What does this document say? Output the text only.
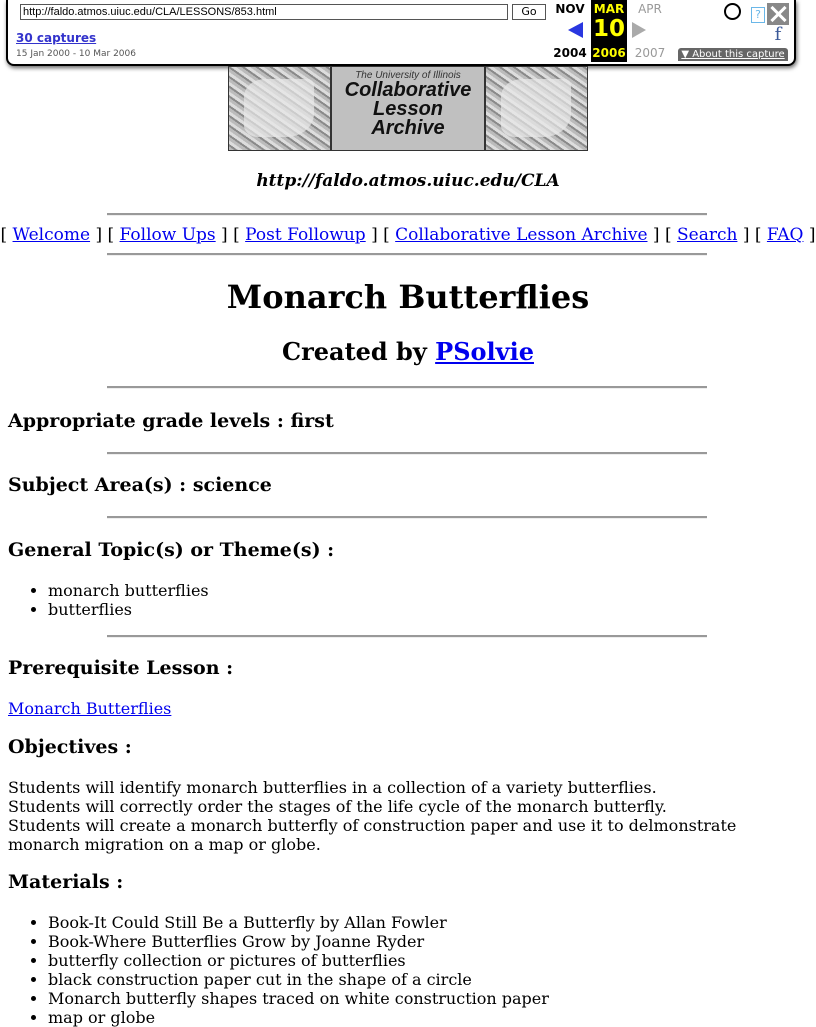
http://faldo.atmos.uiuc.edu/CLA/LESSONS/853.html
Go
30 captures
15 Jan 2000 - 10 Mar 2006
NOV
2004
MAR
10
2006
APR
2007
?
f
▼ About this capture
The University of Illinois
Collaborative
Lesson
Archive
http://faldo.atmos.uiuc.edu/CLA
[ Welcome ] [ Follow Ups ] [ Post Followup ] [ Collaborative Lesson Archive ] [ Search ] [ FAQ ]
Monarch Butterflies
Created by PSolvie
Appropriate grade levels : first
Subject Area(s) : science
General Topic(s) or Theme(s) :
• monarch butterflies
• butterflies
Prerequisite Lesson :
Monarch Butterflies
Objectives :
Students will identify monarch butterflies in a collection of a variety butterflies.
Students will correctly order the stages of the life cycle of the monarch butterfly.
Students will create a monarch butterfly of construction paper and use it to delmonstrate monarch migration on a map or globe.
Materials :
• Book-It Could Still Be a Butterfly by Allan Fowler
• Book-Where Butterflies Grow by Joanne Ryder
• butterfly collection or pictures of butterflies
• black construction paper cut in the shape of a circle
• Monarch butterfly shapes traced on white construction paper
• map or globe
